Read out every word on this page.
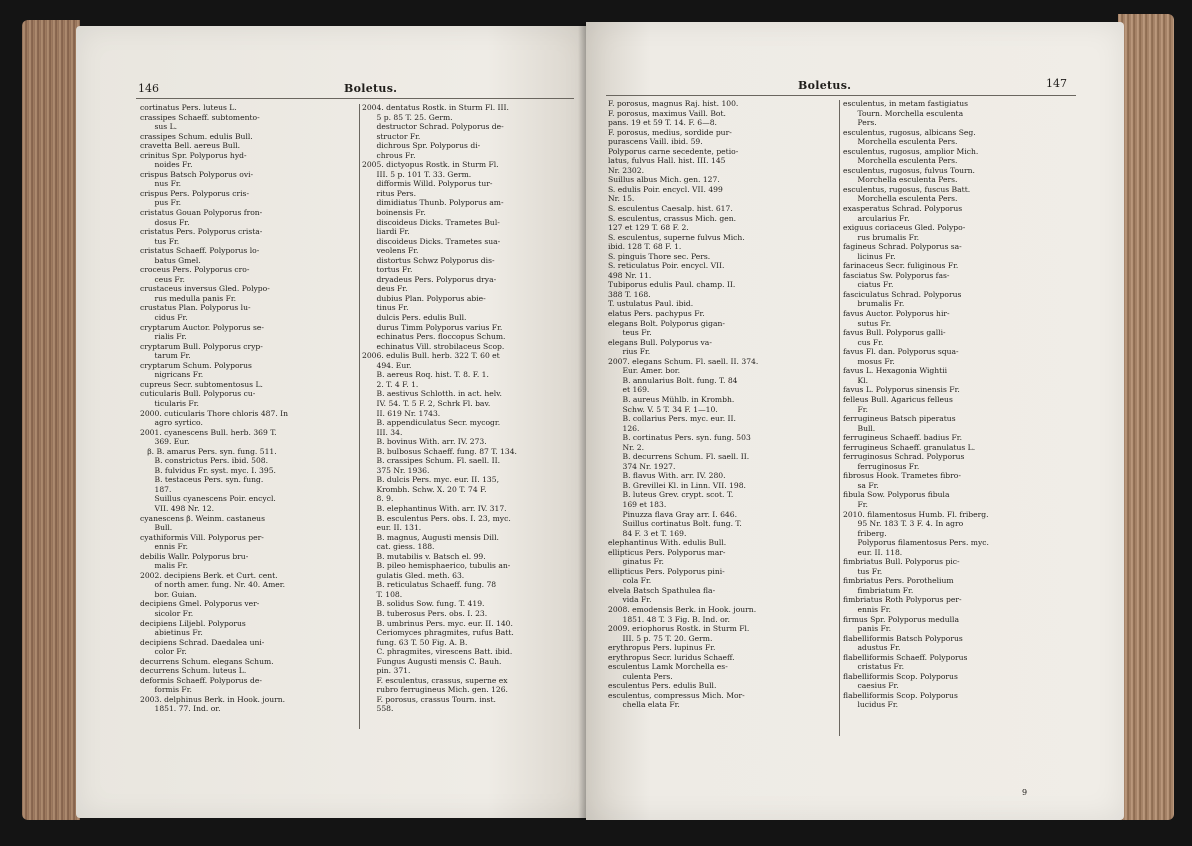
146	Boletus.
cortinatus Pers. luteus L.
crassipes Schaeff. subtomento-
sus L.
crassipes Schum. edulis Bull.
cravetta Bell. aereus Bull.
crinitus Spr. Polyporus hyd-
noides Fr.
crispus Batsch Polyporus ovi-
nus Fr.
crispus Pers. Polyporus cris-
pus Fr.
cristatus Gouan Polyporus fron-
dosus Fr.
cristatus Pers. Polyporus crista-
tus Fr.
cristatus Schaeff. Polyporus lo-
batus Gmel.
croceus Pers. Polyporus cro-
ceus Fr.
crustaceus inversus Gled. Polypo-
rus medulla panis Fr.
crustatus Plan. Polyporus lu-
cidus Fr.
cryptarum Auctor. Polyporus se-
rialis Fr.
cryptarum Bull. Polyporus cryp-
tarum Fr.
cryptarum Schum. Polyporus
nigricans Fr.
cupreus Secr. subtomentosus L.
cuticularis Bull. Polyporus cu-
ticularis Fr.
2000. cuticularis Thore chloris 487. In
agro syrtico.
2001. cyanescens Bull. herb. 369 T.
369. Eur.
β. B. amarus Pers. syn. fung. 511.
B. constrictus Pers. ibid. 508.
B. fulvidus Fr. syst. myc. I. 395.
B. testaceus Pers. syn. fung.
187.
Suillus cyanescens Poir. encycl.
VII. 498 Nr. 12.
cyanescens β. Weinm. castaneus
Bull.
cyathiformis Vill. Polyporus per-
ennis Fr.
debilis Wallr. Polyporus bru-
malis Fr.
2002. decipiens Berk. et Curt. cent.
of north amer. fung. Nr. 40. Amer.
bor. Guian.
decipiens Gmel. Polyporus ver-
sicolor Fr.
decipiens Liljebl. Polyporus
abietinus Fr.
decipiens Schrad. Daedalea uni-
color Fr.
decurrens Schum. elegans Schum.
decurrens Schum. luteus L.
deformis Schaeff. Polyporus de-
formis Fr.
2003. delphinus Berk. in Hook. journ.
1851. 77. Ind. or.
2004. dentatus Rostk. in Sturm Fl. III.
5 p. 85 T. 25. Germ.
destructor Schrad. Polyporus de-
structor Fr.
dichrous Spr. Polyporus di-
chrous Fr.
2005. dictyopus Rostk. in Sturm Fl.
III. 5 p. 101 T. 33. Germ.
difformis Willd. Polyporus tur-
ritus Pers.
dimidiatus Thunb. Polyporus am-
boinensis Fr.
discoideus Dicks. Trametes Bul-
liardi Fr.
discoideus Dicks. Trametes sua-
veolens Fr.
distortus Schwz Polyporus dis-
tortus Fr.
dryadeus Pers. Polyporus drya-
deus Fr.
dubius Plan. Polyporus abie-
tinus Fr.
dulcis Pers. edulis Bull.
durus Timm Polyporus varius Fr.
echinatus Pers. floccopus Schum.
echinatus Vill. strobilaceus Scop.
2006. edulis Bull. herb. 322 T. 60 et
494. Eur.
B. aereus Roq. hist. T. 8. F. 1.
2. T. 4 F. 1.
B. aestivus Schlotth. in act. helv.
IV. 54. T. 5 F. 2, Schrk Fl. bav.
II. 619 Nr. 1743.
B. appendiculatus Secr. mycogr.
III. 34.
B. bovinus With. arr. IV. 273.
B. bulbosus Schaeff. fung. 87 T. 134.
B. crassipes Schum. Fl. saell. II.
375 Nr. 1936.
B. dulcis Pers. myc. eur. II. 135,
Krombh. Schw. X. 20 T. 74 F.
8. 9.
B. elephantinus With. arr. IV. 317.
B. esculentus Pers. obs. I. 23, myc.
eur. II. 131.
B. magnus, Augusti mensis Dill.
cat. giess. 188.
B. mutabilis v. Batsch el. 99.
B. pileo hemisphaerico, tubulis an-
gulatis Gled. meth. 63.
B. reticulatus Schaeff. fung. 78
T. 108.
B. solidus Sow. fung. T. 419.
B. tuberosus Pers. obs. I. 23.
B. umbrinus Pers. myc. eur. II. 140.
Ceriomyces phragmites, rufus Batt.
fung. 63 T. 50 Fig. A. B.
C. phragmites, virescens Batt. ibid.
Fungus Augusti mensis C. Bauh.
pin. 371.
F. esculentus, crassus, superne ex
rubro ferrugineus Mich. gen. 126.
F. porosus, crassus Tourn. inst.
558.
Boletus.	147
F. porosus, magnus Raj. hist. 100.
F. porosus, maximus Vaill. Bot.
pans. 19 et 59 T. 14. F. 6—8.
F. porosus, medius, sordide pur-
purascens Vaill. ibid. 59.
Polyporus carne secedente, petio-
latus, fulvus Hall. hist. III. 145
Nr. 2302.
Suillus albus Mich. gen. 127.
S. edulis Poir. encycl. VII. 499
Nr. 15.
S. esculentus Caesalp. hist. 617.
S. esculentus, crassus Mich. gen.
127 et 129 T. 68 F. 2.
S. esculentus, superne fulvus Mich.
ibid. 128 T. 68 F. 1.
S. pinguis Thore sec. Pers.
S. reticulatus Poir. encycl. VII.
498 Nr. 11.
Tubiporus edulis Paul. champ. II.
388 T. 168.
T. ustulatus Paul. ibid.
elatus Pers. pachypus Fr.
elegans Bolt. Polyporus gigan-
teus Fr.
elegans Bull. Polyporus va-
rius Fr.
2007. elegans Schum. Fl. saell. II. 374.
Eur. Amer. bor.
B. annularius Bolt. fung. T. 84
et 169.
B. aureus Mühlb. in Krombh.
Schw. V. 5 T. 34 F. 1—10.
B. collarius Pers. myc. eur. II.
126.
B. cortinatus Pers. syn. fung. 503
Nr. 2.
B. decurrens Schum. Fl. saell. II.
374 Nr. 1927.
B. flavus With. arr. IV. 280.
B. Grevillei Kl. in Linn. VII. 198.
B. luteus Grev. crypt. scot. T.
169 et 183.
Pinuzza flava Gray arr. I. 646.
Suillus cortinatus Bolt. fung. T.
84 F. 3 et T. 169.
elephantinus With. edulis Bull.
ellipticus Pers. Polyporus mar-
ginatus Fr.
ellipticus Pers. Polyporus pini-
cola Fr.
elvela Batsch Spathulea fla-
vida Fr.
2008. emodensis Berk. in Hook. journ.
1851. 48 T. 3 Fig. B. Ind. or.
2009. eriophorus Rostk. in Sturm Fl.
III. 5 p. 75 T. 20. Germ.
erythropus Pers. lupinus Fr.
erythropus Secr. luridus Schaeff.
esculentus Lamk Morchella es-
culenta Pers.
esculentus Pers. edulis Bull.
esculentus, compressus Mich. Mor-
chella elata Fr.
esculentus, in metam fastigiatus
Tourn. Morchella esculenta
Pers.
esculentus, rugosus, albicans Seg.
Morchella esculenta Pers.
esculentus, rugosus, amplior Mich.
Morchella esculenta Pers.
esculentus, rugosus, fulvus Tourn.
Morchella esculenta Pers.
esculentus, rugosus, fuscus Batt.
Morchella esculenta Pers.
exasperatus Schrad. Polyporus
arcularius Fr.
exiguus coriaceus Gled. Polypo-
rus brumalis Fr.
fagineus Schrad. Polyporus sa-
licinus Fr.
farinaceus Secr. fuliginous Fr.
fasciatus Sw. Polyporus fas-
ciatus Fr.
fasciculatus Schrad. Polyporus
brumalis Fr.
favus Auctor. Polyporus hir-
sutus Fr.
favus Bull. Polyporus galli-
cus Fr.
favus Fl. dan. Polyporus squa-
mosus Fr.
favus L. Hexagonia Wightii
Kl.
favus L. Polyporus sinensis Fr.
felleus Bull. Agaricus felleus
Fr.
ferrugineus Batsch piperatus
Bull.
ferrugineus Schaeff. badius Fr.
ferrugineus Schaeff. granulatus L.
ferruginosus Schrad. Polyporus
ferruginosus Fr.
fibrosus Hook. Trametes fibro-
sa Fr.
fibula Sow. Polyporus fibula
Fr.
2010. filamentosus Humb. Fl. friberg.
95 Nr. 183 T. 3 F. 4. In agro
friberg.
Polyporus filamentosus Pers. myc.
eur. II. 118.
fimbriatus Bull. Polyporus pic-
tus Fr.
fimbriatus Pers. Porothelium
fimbriatum Fr.
fimbriatus Roth Polyporus per-
ennis Fr.
firmus Spr. Polyporus medulla
panis Fr.
flabelliformis Batsch Polyporus
adustus Fr.
flabelliformis Schaeff. Polyporus
cristatus Fr.
flabelliformis Scop. Polyporus
caesius Fr.
flabelliformis Scop. Polyporus
lucidus Fr.
9
